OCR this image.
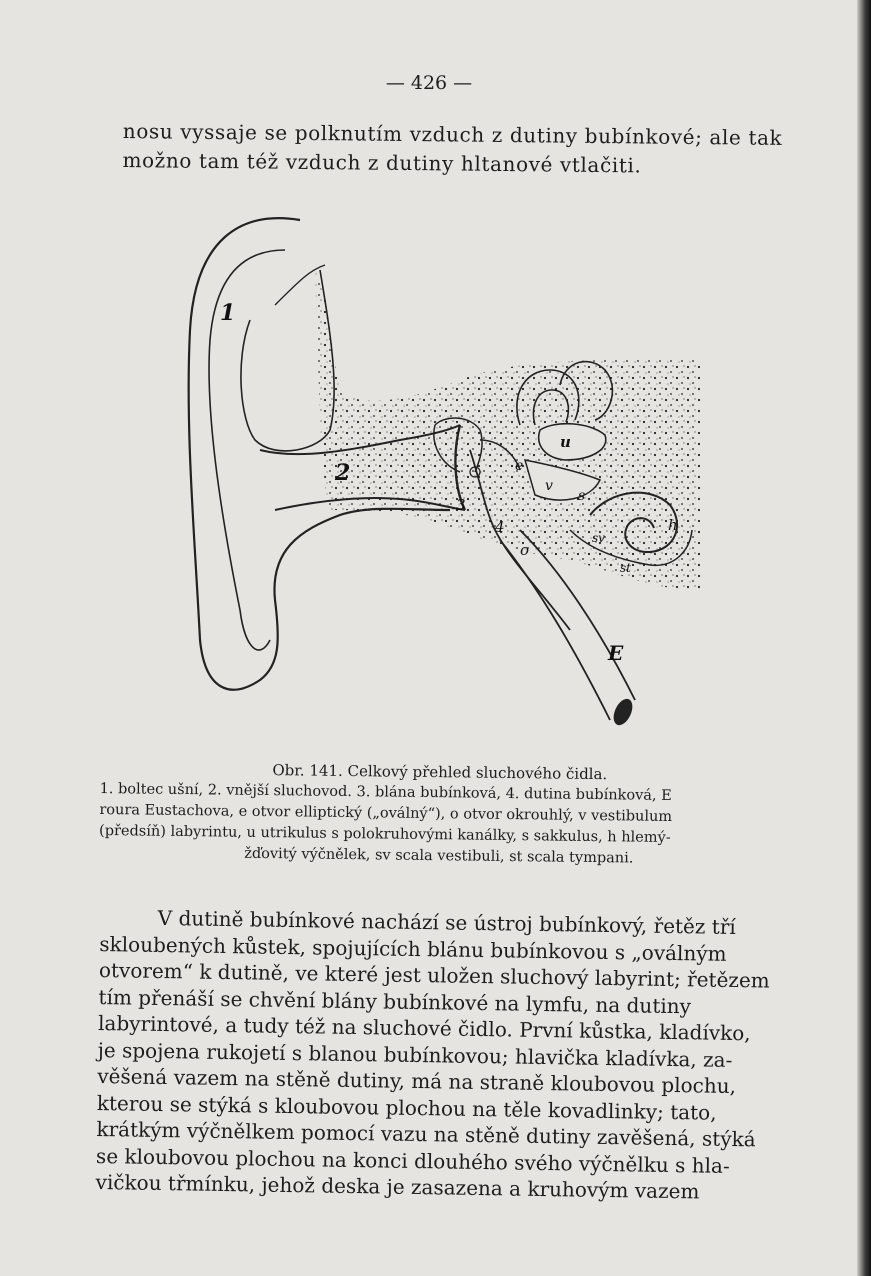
— 426 —
nosu vyssaje se polknutím vzduch z dutiny bubínkové; ale tak
možno tam též vzduch z dutiny hltanové vtlačiti.
1
2
3
4
e
o
v
u
s
h
sv
st
E
Obr. 141. Celkový přehled sluchového čidla.
1. boltec ušní, 2. vnější sluchovod. 3. blána bubínková, 4. dutina bubínková, E
roura Eustachova, e otvor elliptický („oválný“), o otvor okrouhlý, v vestibulum
(předsíň) labyrintu, u utrikulus s polokruhovými kanálky, s sakkulus, h hlemý-
žďovitý výčnělek, sv scala vestibuli, st scala tympani.
V dutině bubínkové nachází se ústroj bubínkový, řetěz tří
skloubených kůstek, spojujících blánu bubínkovou s „oválným
otvorem“ k dutině, ve které jest uložen sluchový labyrint; řetězem
tím přenáší se chvění blány bubínkové na lymfu, na dutiny
labyrintové, a tudy též na sluchové čidlo. První kůstka, kladívko,
je spojena rukojetí s blanou bubínkovou; hlavička kladívka, za-
věšená vazem na stěně dutiny, má na straně kloubovou plochu,
kterou se stýká s kloubovou plochou na těle kovadlinky; tato,
krátkým výčnělkem pomocí vazu na stěně dutiny zavěšená, stýká
se kloubovou plochou na konci dlouhého svého výčnělku s hla-
vičkou třmínku, jehož deska je zasazena a kruhovým vazem
